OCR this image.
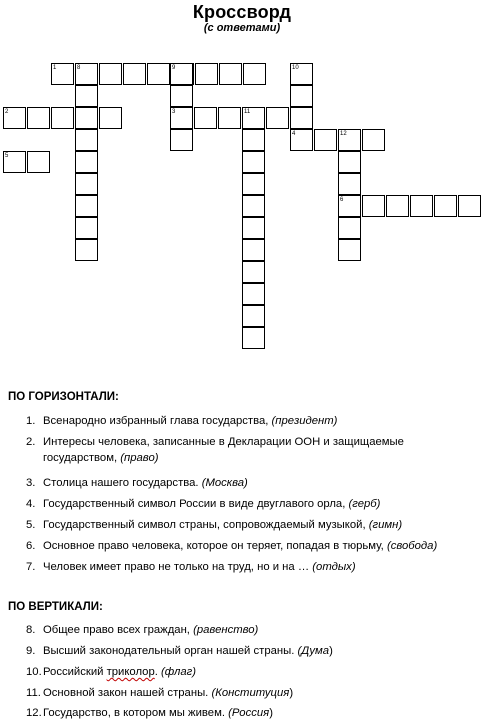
Кроссворд
(с ответами)
1	8
2	3	11
4	12
5
6
9	10
ПО ГОРИЗОНТАЛИ:
1. Всенародно избранный глава государства, (президент)
2. Интересы человека, записанные в Декларации ООН и защищаемые
государством, (право)
3. Столица нашего государства. (Москва)
4. Государственный символ России в виде двуглавого орла, (герб)
5. Государственный символ страны, сопровождаемый музыкой, (гимн)
6. Основное право человека, которое он теряет, попадая в тюрьму, (свобода)
7. Человек имеет право не только на труд, но и на … (отдых)
ПО ВЕРТИКАЛИ:
8. Общее право всех граждан, (равенство)
9. Высший законодательный орган нашей страны. (Дума)
10.Российский триколор. (флаг)
11. Основной закон нашей страны. (Конституция)
12.Государство, в котором мы живем. (Россия)
